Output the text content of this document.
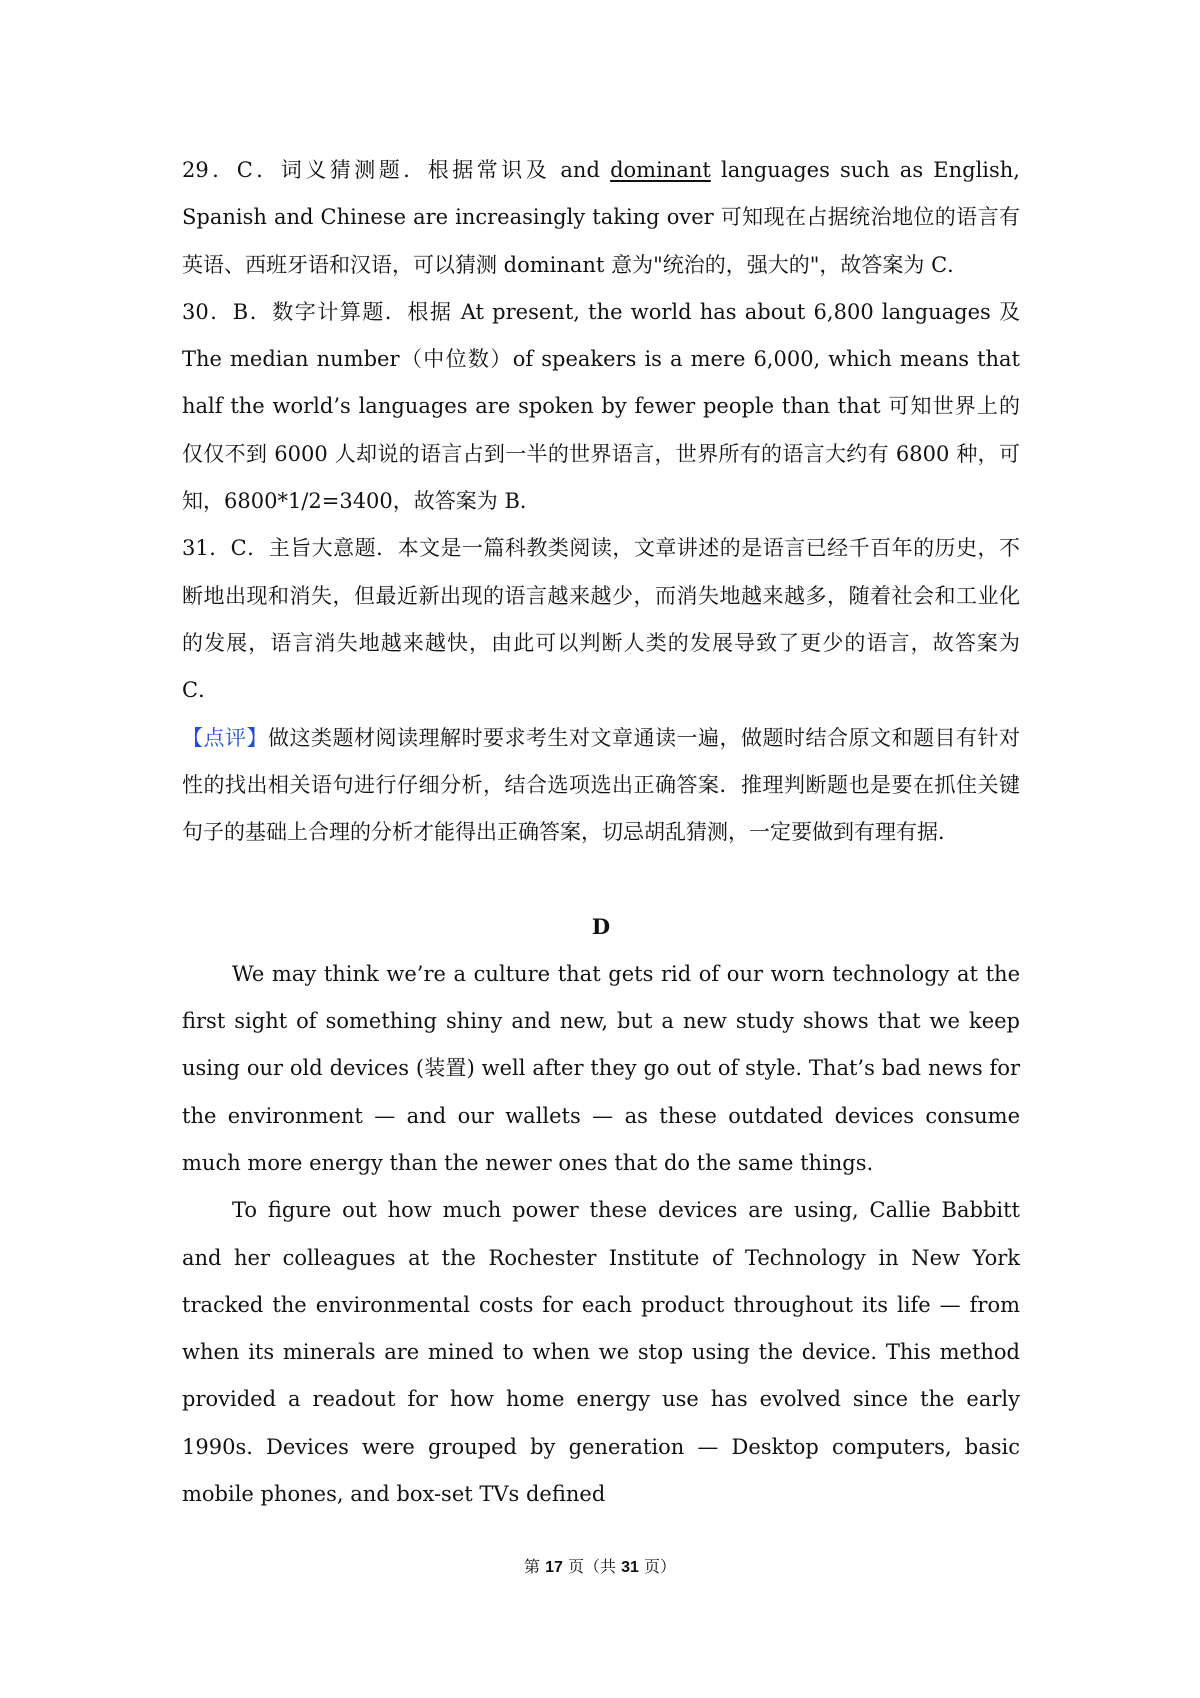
29．C．词义猜测题．根据常识及 and dominant languages such as English, Spanish and Chinese are increasingly taking over 可知现在占据统治地位的语言有英语、西班牙语和汉语，可以猜测 dominant 意为"统治的，强大的"，故答案为 C．

30．B．数字计算题．根据 At present, the world has about 6,800 languages 及 The median number（中位数）of speakers is a mere 6,000, which means that half the world’s languages are spoken by fewer people than that 可知世界上的仅仅不到 6000 人却说的语言占到一半的世界语言，世界所有的语言大约有 6800 种，可知，6800*1/2=3400，故答案为 B．

31．C．主旨大意题．本文是一篇科教类阅读，文章讲述的是语言已经千百年的历史，不断地出现和消失，但最近新出现的语言越来越少，而消失地越来越多，随着社会和工业化的发展，语言消失地越来越快，由此可以判断人类的发展导致了更少的语言，故答案为 C．

【点评】做这类题材阅读理解时要求考生对文章通读一遍，做题时结合原文和题目有针对性的找出相关语句进行仔细分析，结合选项选出正确答案．推理判断题也是要在抓住关键句子的基础上合理的分析才能得出正确答案，切忌胡乱猜测，一定要做到有理有据．

D

We may think we’re a culture that gets rid of our worn technology at the first sight of something shiny and new, but a new study shows that we keep using our old devices (装置) well after they go out of style. That’s bad news for the environment — and our wallets — as these outdated devices consume much more energy than the newer ones that do the same things.

To figure out how much power these devices are using, Callie Babbitt and her colleagues at the Rochester Institute of Technology in New York tracked the environmental costs for each product throughout its life — from when its minerals are mined to when we stop using the device. This method provided a readout for how home energy use has evolved since the early 1990s. Devices were grouped by generation — Desktop computers, basic mobile phones, and box-set TVs defined

第 17 页（共 31 页）
